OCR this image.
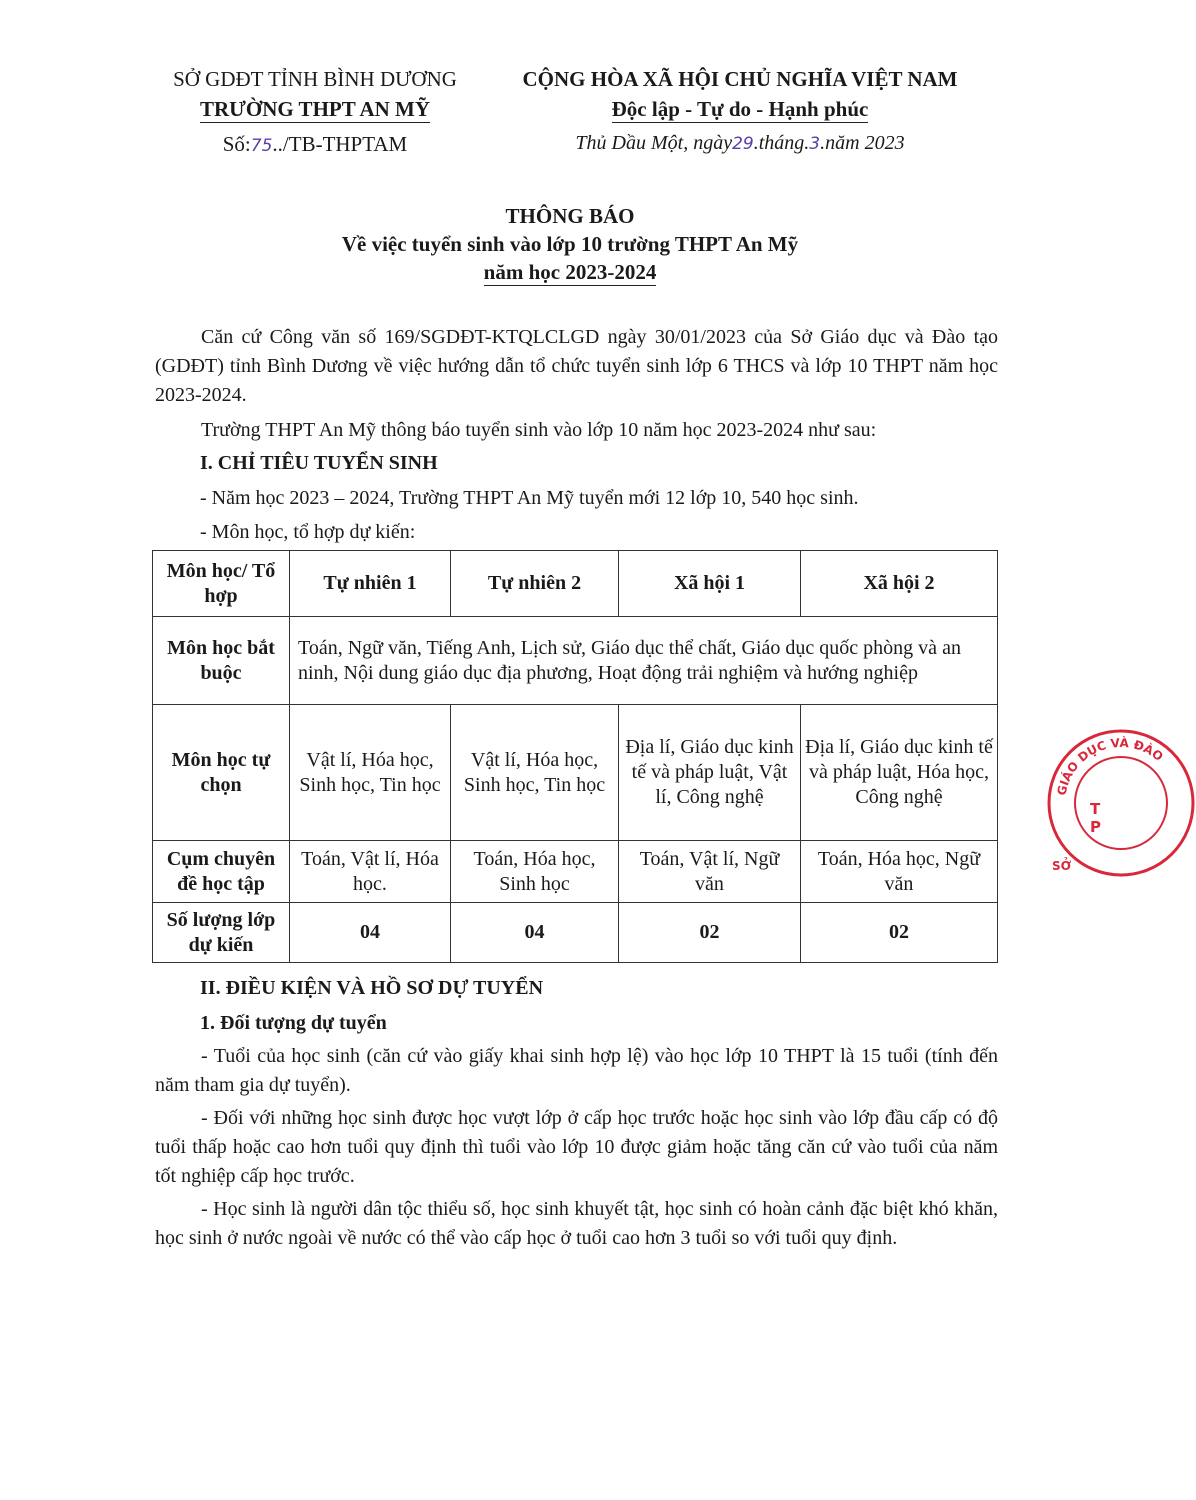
SỞ GDĐT TỈNH BÌNH DƯƠNG
TRƯỜNG THPT AN MỸ
Số:75../TB-THPTAM
CỘNG HÒA XÃ HỘI CHỦ NGHĨA VIỆT NAM
Độc lập - Tự do - Hạnh phúc
Thủ Dầu Một, ngày29.tháng.3.năm 2023
THÔNG BÁO
Về việc tuyển sinh vào lớp 10 trường THPT An Mỹ
năm học 2023-2024
Căn cứ Công văn số 169/SGDĐT-KTQLCLGD ngày 30/01/2023 của Sở Giáo dục và Đào tạo (GDĐT) tỉnh Bình Dương về việc hướng dẫn tổ chức tuyển sinh lớp 6 THCS và lớp 10 THPT năm học 2023-2024.
Trường THPT An Mỹ thông báo tuyển sinh vào lớp 10 năm học 2023-2024 như sau:
I. CHỈ TIÊU TUYỂN SINH
- Năm học 2023 – 2024, Trường THPT An Mỹ tuyển mới 12 lớp 10, 540 học sinh.
- Môn học, tổ hợp dự kiến:
Môn học/ Tổ hợp	Tự nhiên 1	Tự nhiên 2	Xã hội 1	Xã hội 2
Môn học bắt buộc	Toán, Ngữ văn, Tiếng Anh, Lịch sử, Giáo dục thể chất, Giáo dục quốc phòng và an ninh, Nội dung giáo dục địa phương, Hoạt động trải nghiệm và hướng nghiệp			
Môn học tự chọn	Vật lí, Hóa học, Sinh học, Tin học	Vật lí, Hóa học, Sinh học, Tin học	Địa lí, Giáo dục kinh tế và pháp luật, Vật lí, Công nghệ	Địa lí, Giáo dục kinh tế và pháp luật, Hóa học, Công nghệ
Cụm chuyên đề học tập	Toán, Vật lí, Hóa học.	Toán, Hóa học, Sinh học	Toán, Vật lí, Ngữ văn	Toán, Hóa học, Ngữ văn
Số lượng lớp dự kiến	04	04	02	02
II. ĐIỀU KIỆN VÀ HỒ SƠ DỰ TUYỂN
1. Đối tượng dự tuyển
- Tuổi của học sinh (căn cứ vào giấy khai sinh hợp lệ) vào học lớp 10 THPT là 15 tuổi (tính đến năm tham gia dự tuyển).
- Đối với những học sinh được học vượt lớp ở cấp học trước hoặc học sinh vào lớp đầu cấp có độ tuổi thấp hoặc cao hơn tuổi quy định thì tuổi vào lớp 10 được giảm hoặc tăng căn cứ vào tuổi của năm tốt nghiệp cấp học trước.
- Học sinh là người dân tộc thiểu số, học sinh khuyết tật, học sinh có hoàn cảnh đặc biệt khó khăn, học sinh ở nước ngoài về nước có thể vào cấp học ở tuổi cao hơn 3 tuổi so với tuổi quy định.
GIÁO DỤC VÀ ĐÀO
SỞ
T
P
